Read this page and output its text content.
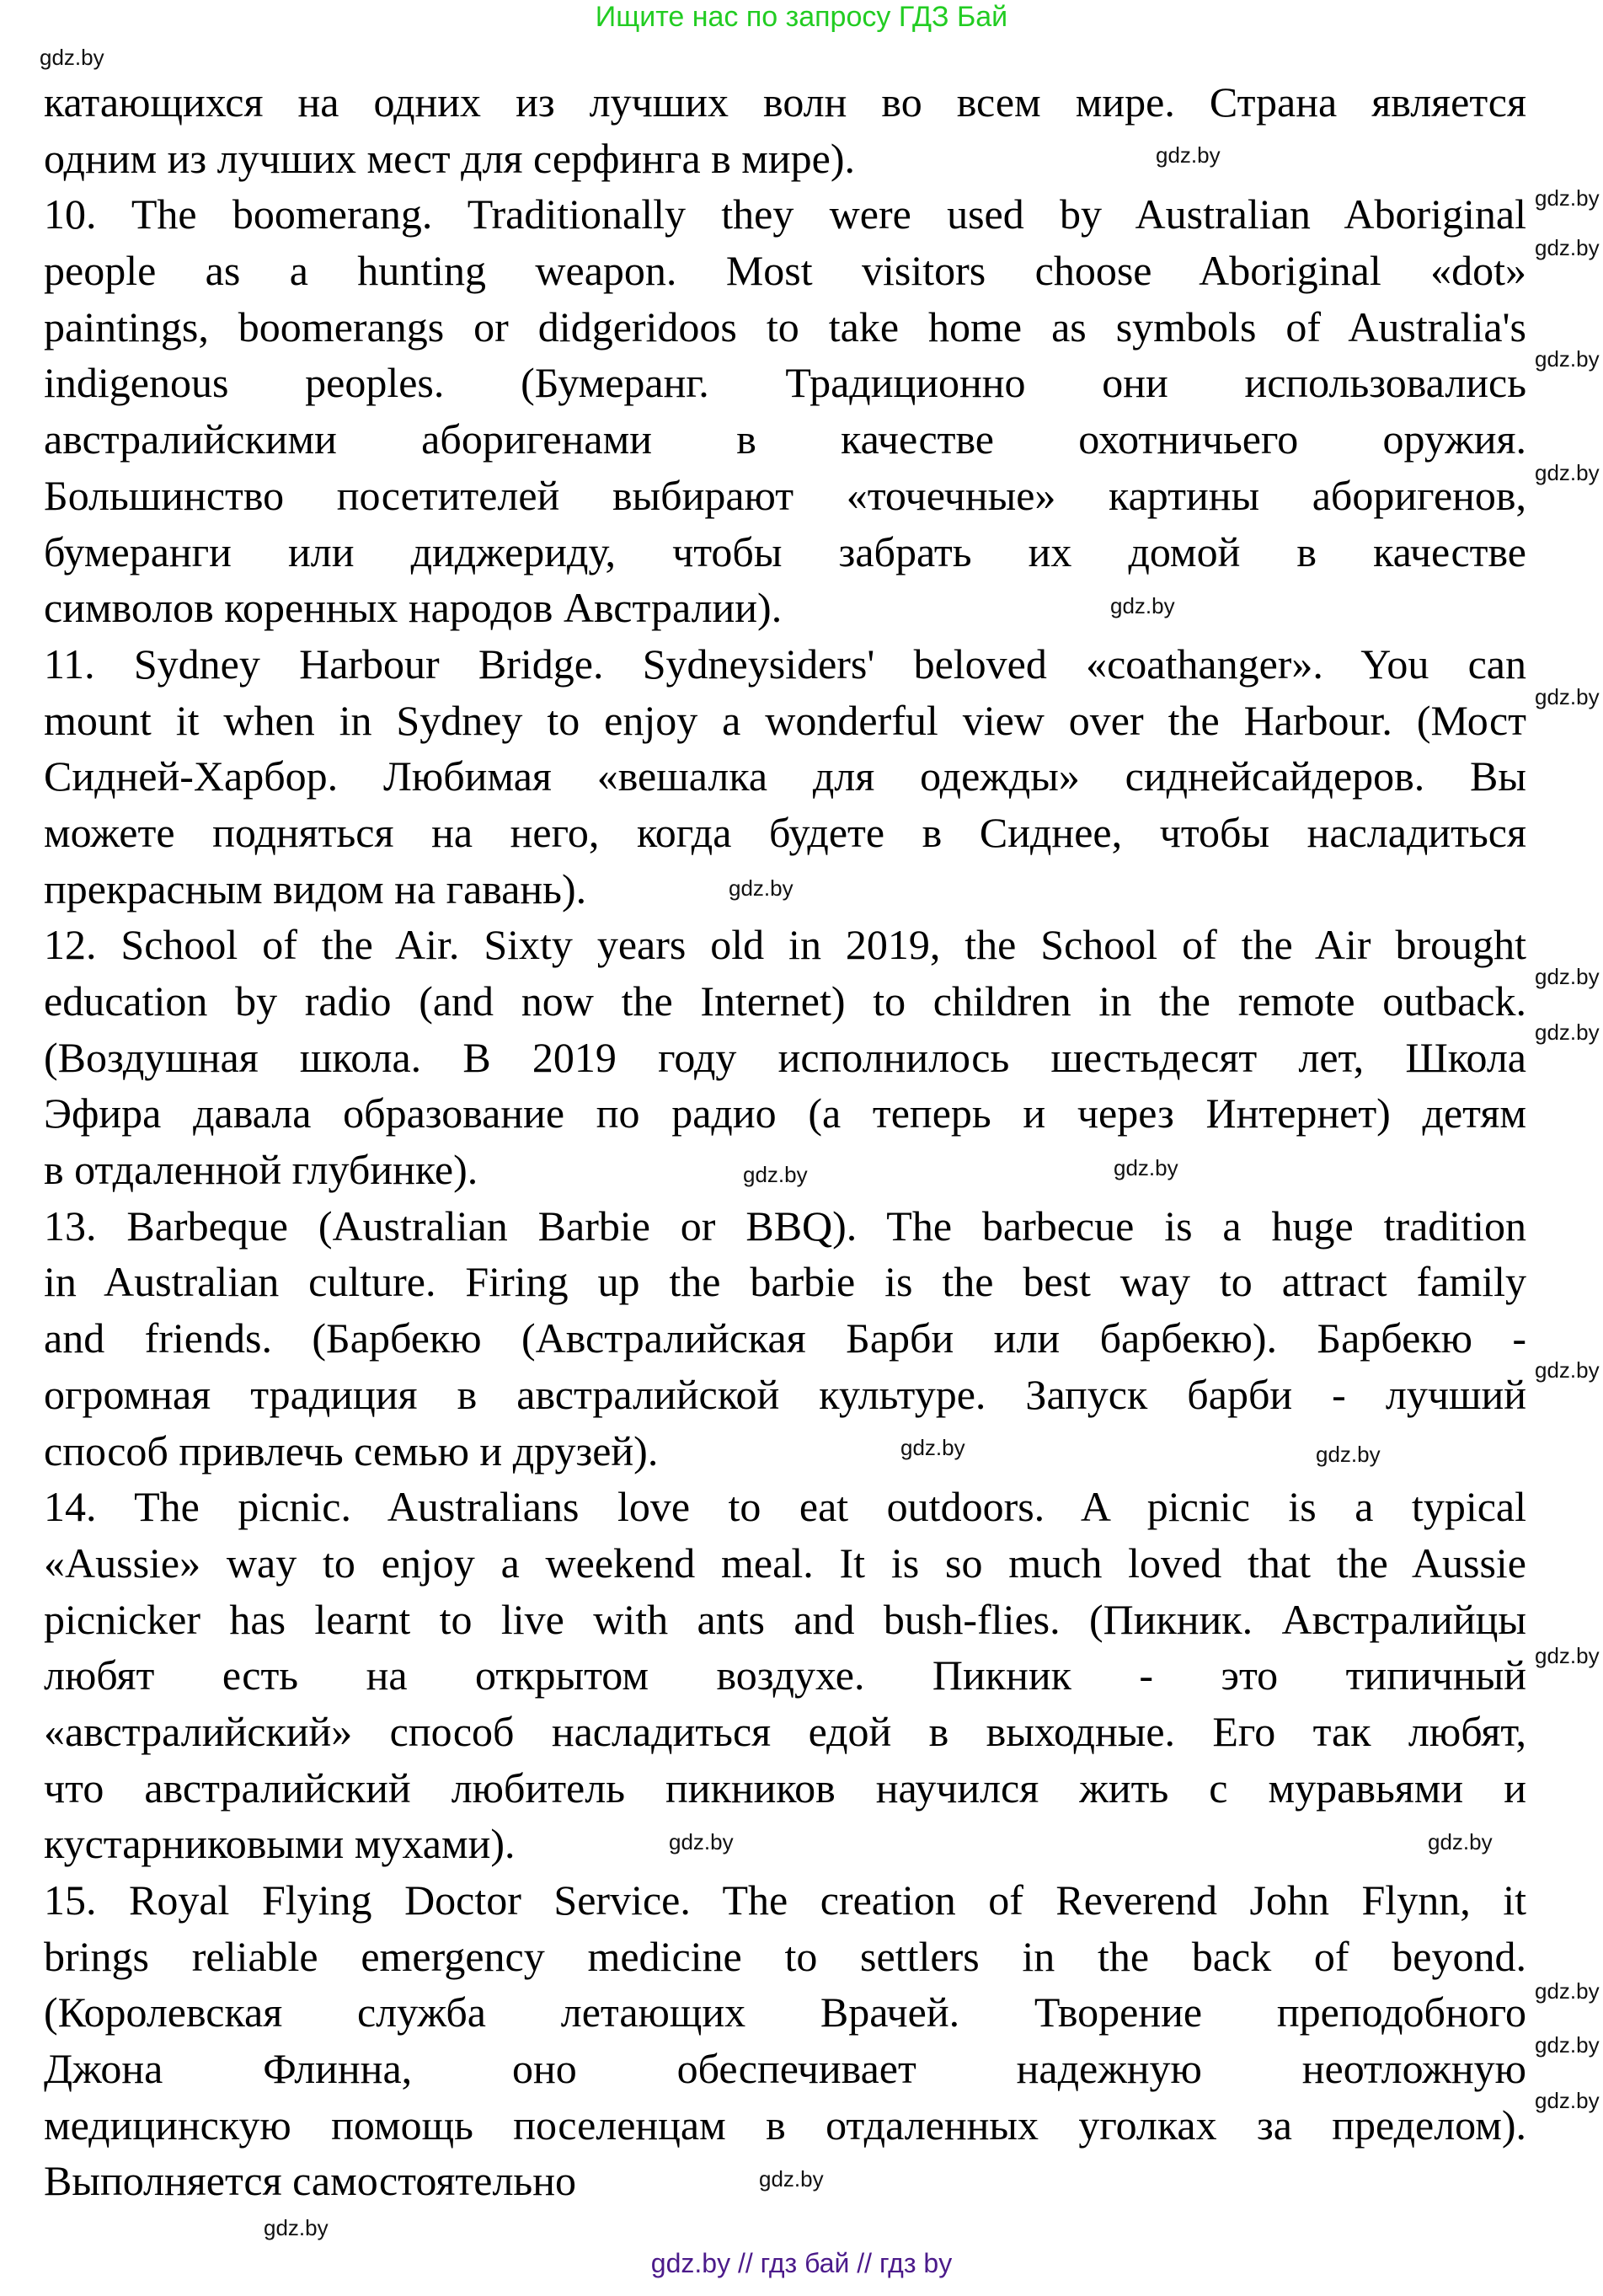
Ищите нас по запросу ГДЗ Бай
катающихся на одних из лучших волн во всем мире. Страна является
одним из лучших мест для серфинга в мире).
10. The boomerang. Traditionally they were used by Australian Aboriginal
people as a hunting weapon. Most visitors choose Aboriginal «dot»
paintings, boomerangs or didgeridoos to take home as symbols of Australia's
indigenous peoples. (Бумеранг. Традиционно они использовались
австралийскими аборигенами в качестве охотничьего оружия.
Большинство посетителей выбирают «точечные» картины аборигенов,
бумеранги или диджериду, чтобы забрать их домой в качестве
символов коренных народов Австралии).
11. Sydney Harbour Bridge. Sydneysiders' beloved «coathanger». You can
mount it when in Sydney to enjoy a wonderful view over the Harbour. (Мост
Сидней-Харбор. Любимая «вешалка для одежды» сиднейсайдеров. Вы
можете подняться на него, когда будете в Сиднее, чтобы насладиться
прекрасным видом на гавань).
12. School of the Air. Sixty years old in 2019, the School of the Air brought
education by radio (and now the Internet) to children in the remote outback.
(Воздушная школа. В 2019 году исполнилось шестьдесят лет, Школа
Эфира давала образование по радио (а теперь и через Интернет) детям
в отдаленной глубинке).
13. Barbeque (Australian Barbie or BBQ). The barbecue is a huge tradition
in Australian culture. Firing up the barbie is the best way to attract family
and friends. (Барбекю (Австралийская Барби или барбекю). Барбекю -
огромная традиция в австралийской культуре. Запуск барби - лучший
способ привлечь семью и друзей).
14. The picnic. Australians love to eat outdoors. A picnic is a typical
«Aussie» way to enjoy a weekend meal. It is so much loved that the Aussie
picnicker has learnt to live with ants and bush-flies. (Пикник. Австралийцы
любят есть на открытом воздухе. Пикник - это типичный
«австралийский» способ насладиться едой в выходные. Его так любят,
что австралийский любитель пикников научился жить с муравьями и
кустарниковыми мухами).
15. Royal Flying Doctor Service. The creation of Reverend John Flynn, it
brings reliable emergency medicine to settlers in the back of beyond.
(Королевская служба летающих Врачей. Творение преподобного
Джона Флинна, оно обеспечивает надежную неотложную
медицинскую помощь поселенцам в отдаленных уголках за пределом).
Выполняется самостоятельно
gdz.by
gdz.by
gdz.by
gdz.by
gdz.by
gdz.by
gdz.by
gdz.by
gdz.by
gdz.by
gdz.by
gdz.by
gdz.by
gdz.by
gdz.by	gdz.by
gdz.by
gdz.by	gdz.by
gdz.by
gdz.by
gdz.by
gdz.by
gdz.by
gdz.by // гдз бай // гдз by
